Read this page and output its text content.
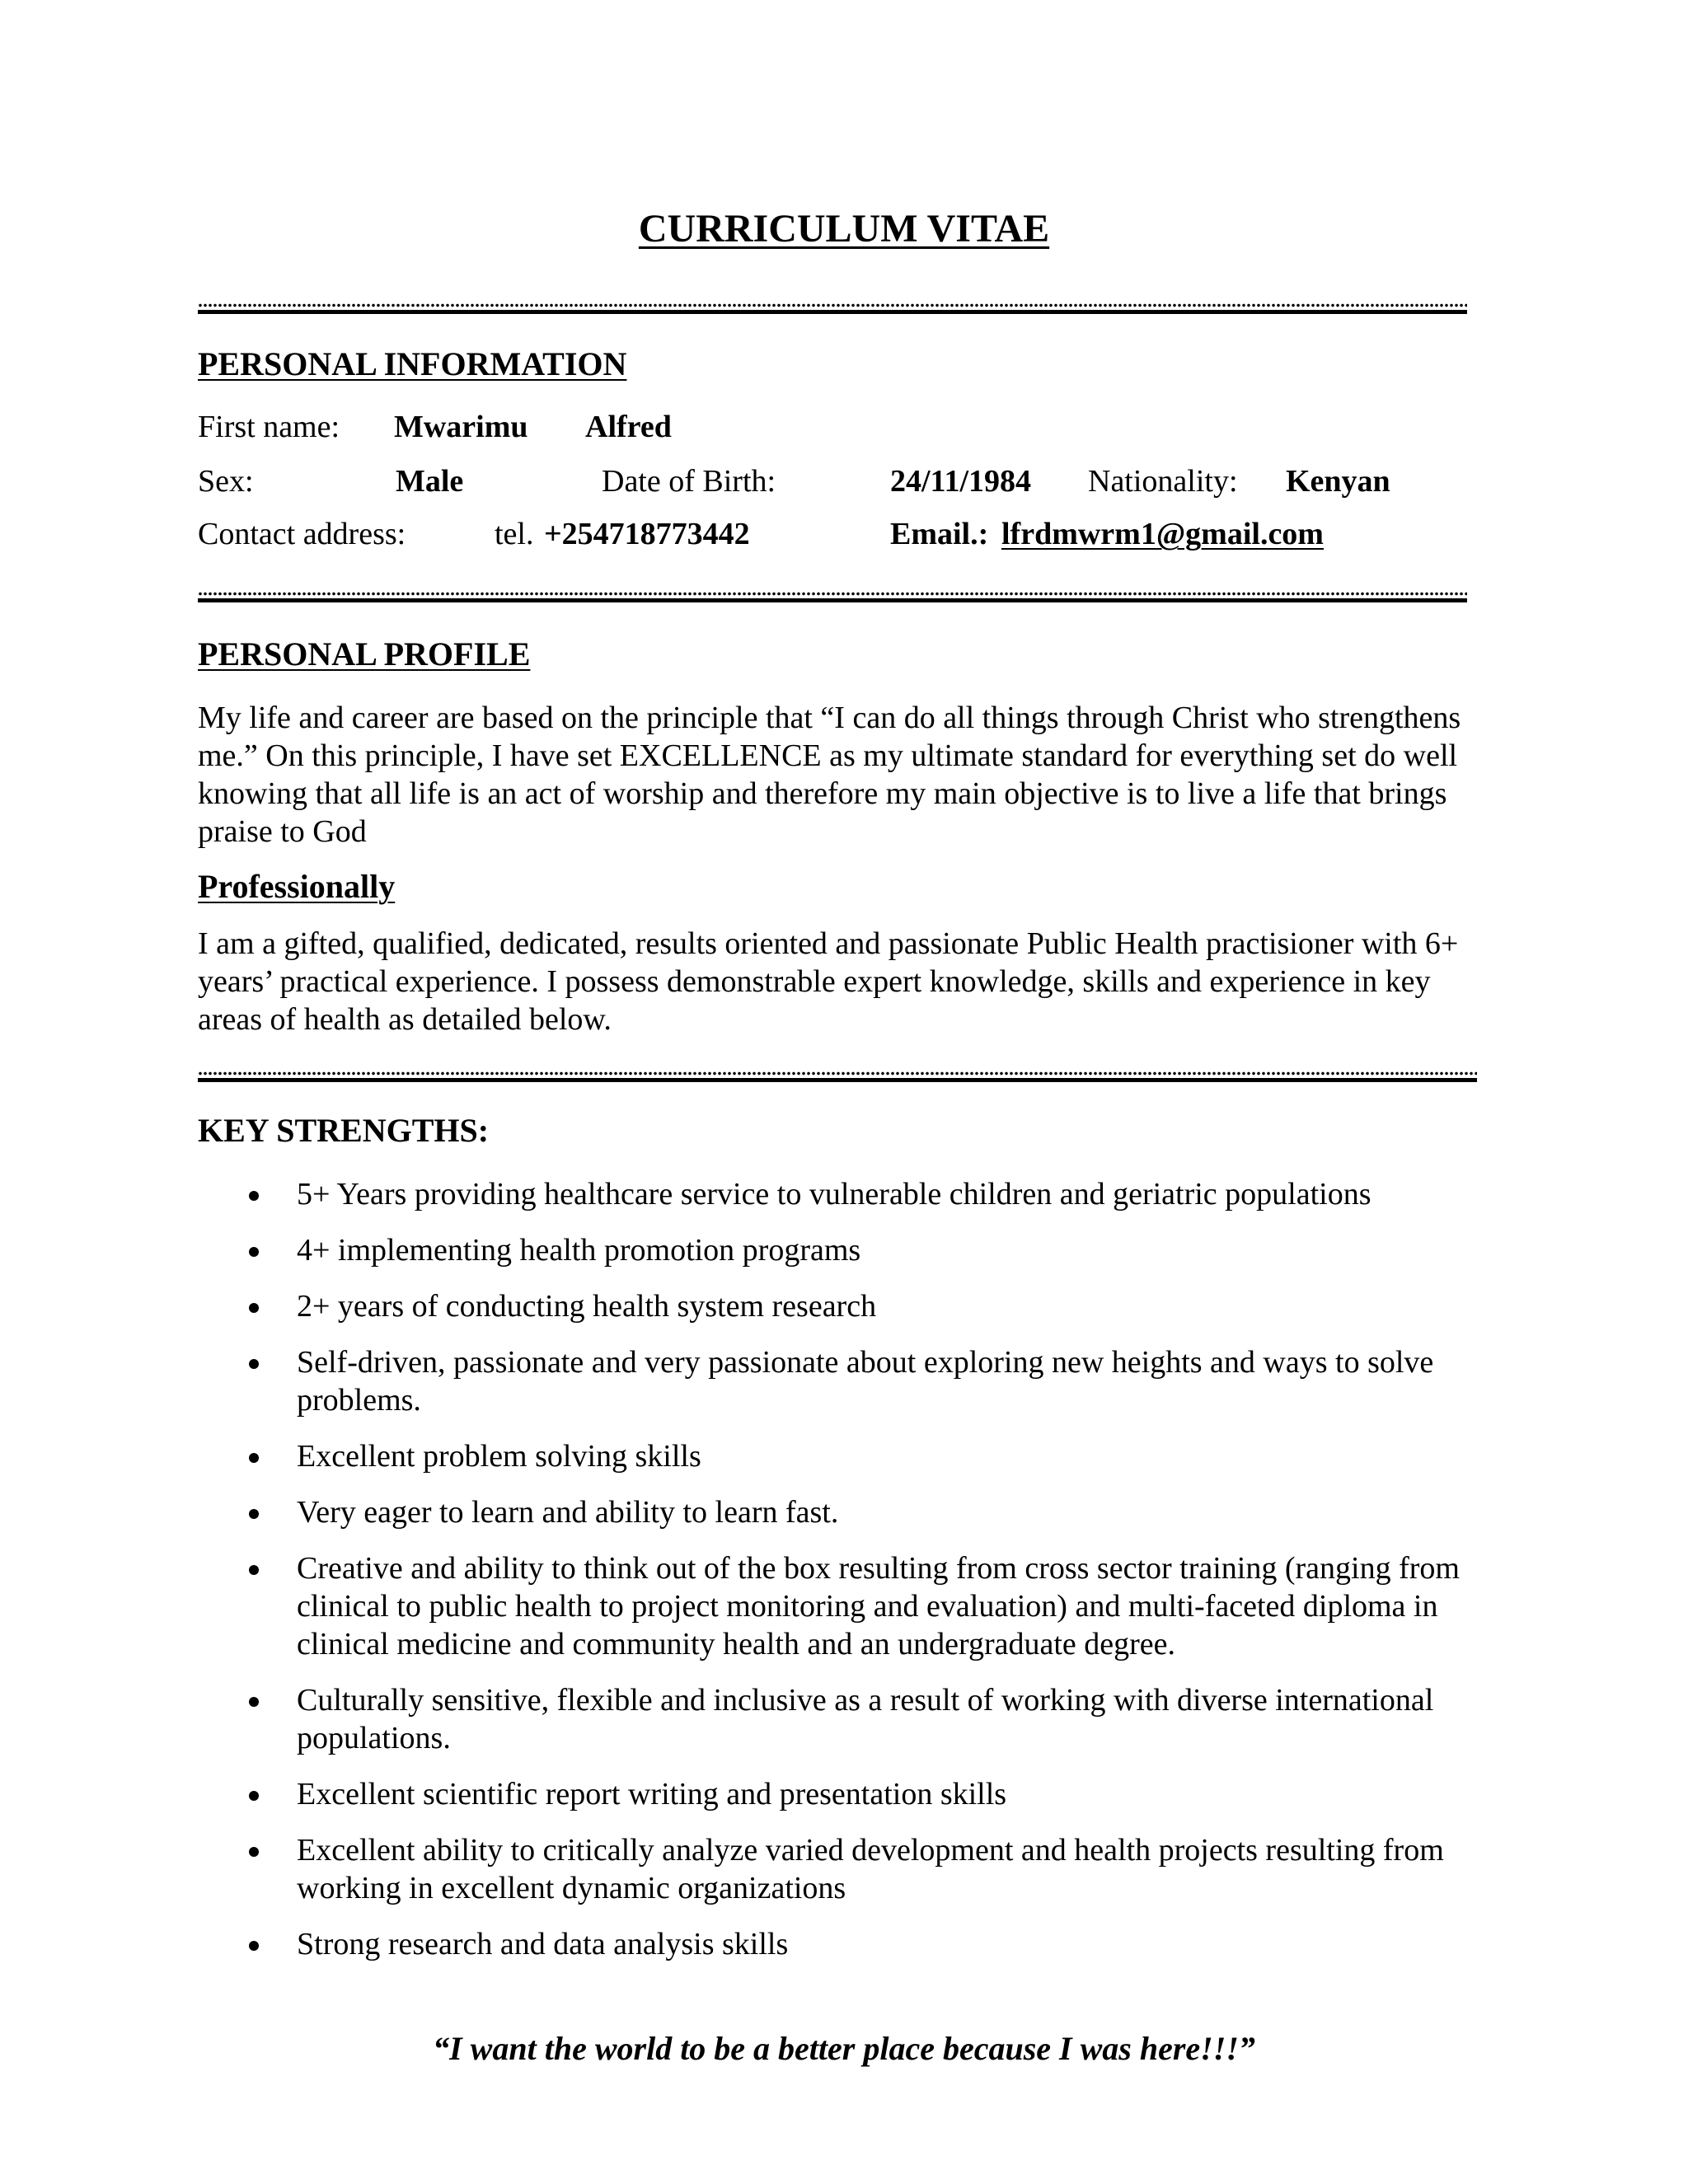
CURRICULUM VITAE
PERSONAL INFORMATION
First name: Mwarimu Alfred
Sex:	Male	Date of Birth:	24/11/1984 Nationality: Kenyan
Contact address:	tel. +254718773442	Email.: lfrdmwrm1@gmail.com
PERSONAL PROFILE
My life and career are based on the principle that “I can do all things through Christ who strengthens me.” On this principle, I have set EXCELLENCE as my ultimate standard for everything set do well knowing that all life is an act of worship and therefore my main objective is to live a life that brings praise to God
Professionally
I am a gifted, qualified, dedicated, results oriented and passionate Public Health practisioner with 6+ years’ practical experience. I possess demonstrable expert knowledge, skills and experience in key areas of health as detailed below.
KEY STRENGTHS:
5+ Years providing healthcare service to vulnerable children and geriatric populations
4+ implementing health promotion programs
2+ years of conducting health system research
Self-driven, passionate and very passionate about exploring new heights and ways to solve problems.
Excellent problem solving skills
Very eager to learn and ability to learn fast.
Creative and ability to think out of the box resulting from cross sector training (ranging from clinical to public health to project monitoring and evaluation) and multi-faceted diploma in clinical medicine and community health and an undergraduate degree.
Culturally sensitive, flexible and inclusive as a result of working with diverse international populations.
Excellent scientific report writing and presentation skills
Excellent ability to critically analyze varied development and health projects resulting from working in excellent dynamic organizations
Strong research and data analysis skills
“I want the world to be a better place because I was here!!!”
